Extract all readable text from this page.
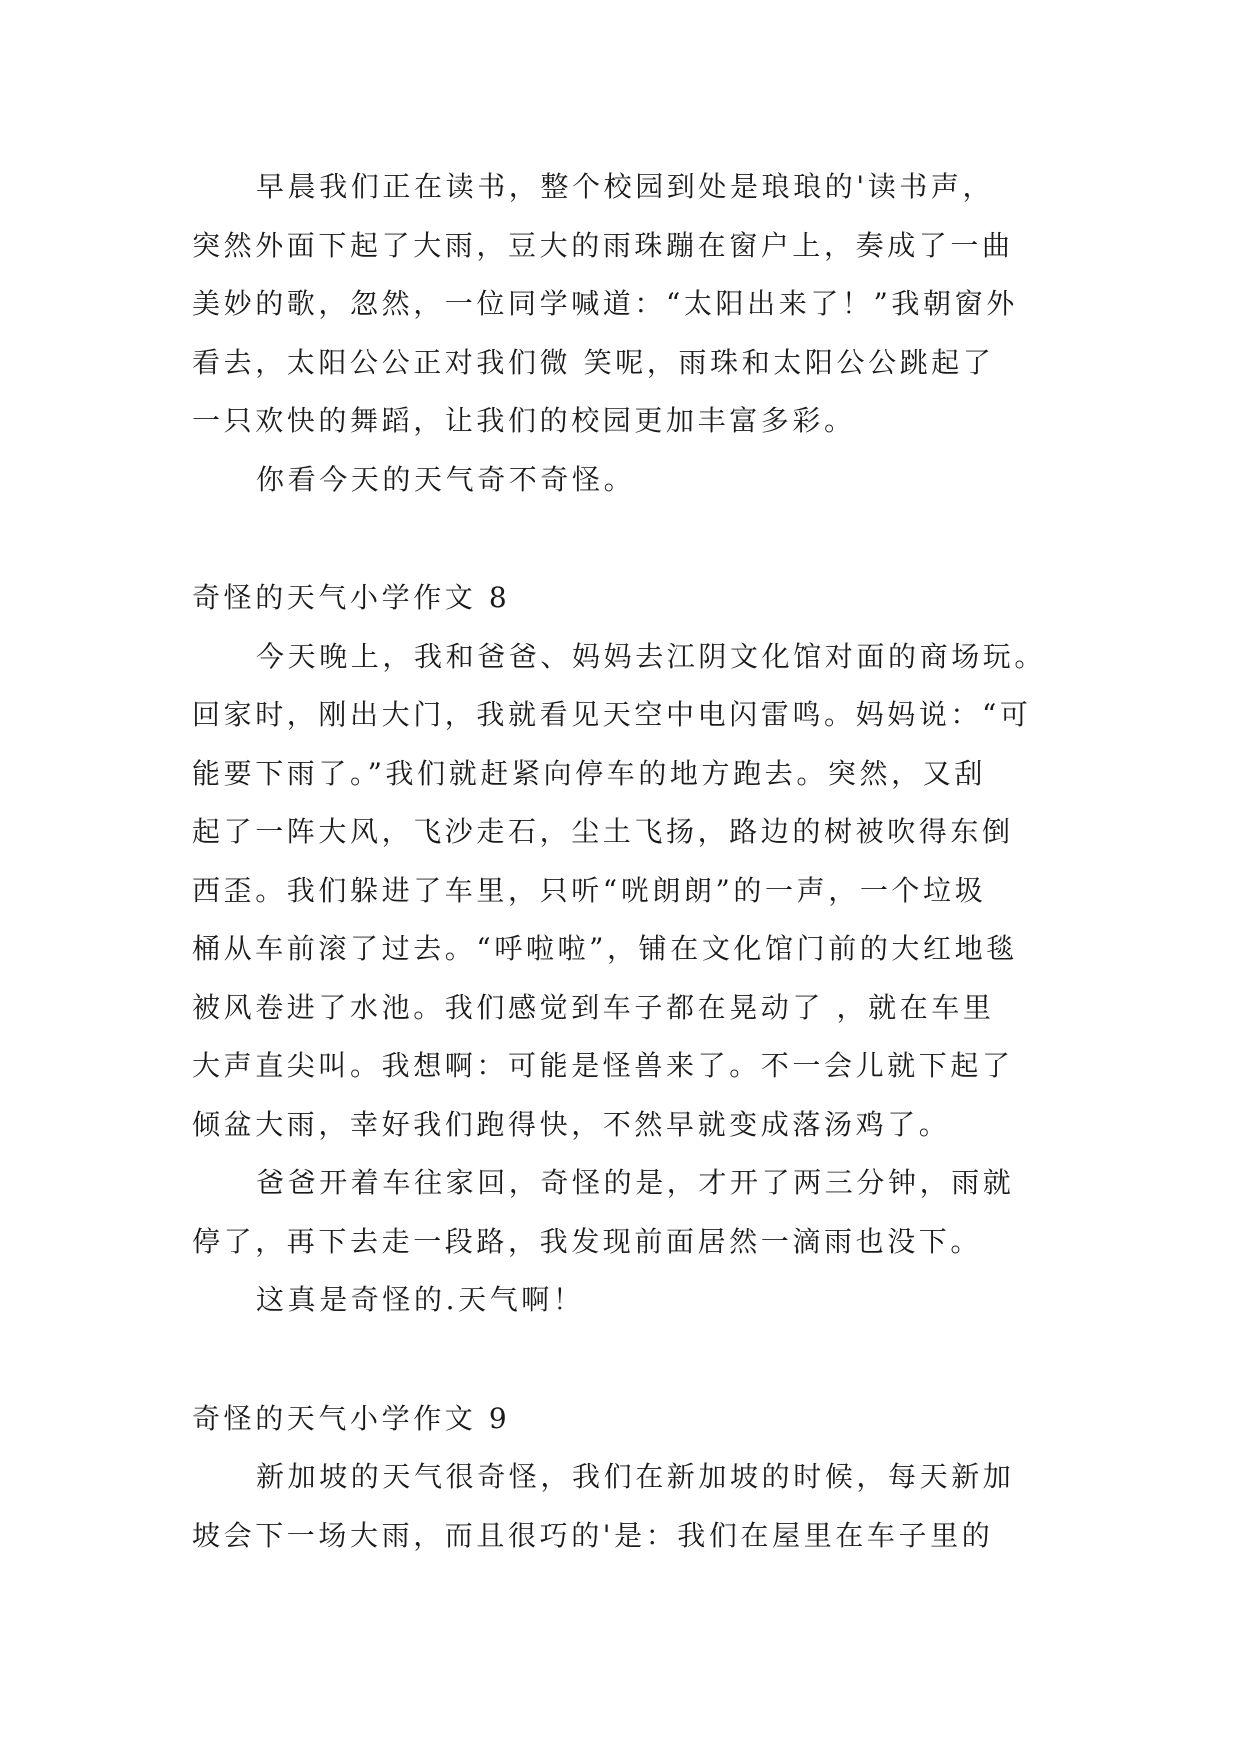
早晨我们正在读书，整个校园到处是琅琅的'读书声，
突然外面下起了大雨，豆大的雨珠蹦在窗户上，奏成了一曲
美妙的歌，忽然，一位同学喊道：“太阳出来了！”我朝窗外
看去，太阳公公正对我们微 笑呢，雨珠和太阳公公跳起了
一只欢快的舞蹈，让我们的校园更加丰富多彩。

你看今天的天气奇不奇怪。

奇怪的天气小学作文 8

今天晚上，我和爸爸、妈妈去江阴文化馆对面的商场玩。
回家时，刚出大门，我就看见天空中电闪雷鸣。妈妈说：“可
能要下雨了。”我们就赶紧向停车的地方跑去。突然，又刮
起了一阵大风，飞沙走石，尘土飞扬，路边的树被吹得东倒
西歪。我们躲进了车里，只听“咣朗朗”的一声，一个垃圾
桶从车前滚了过去。“呼啦啦”，铺在文化馆门前的大红地毯
被风卷进了水池。我们感觉到车子都在晃动了 ，就在车里
大声直尖叫。我想啊：可能是怪兽来了。不一会儿就下起了
倾盆大雨，幸好我们跑得快，不然早就变成落汤鸡了。

爸爸开着车往家回，奇怪的是，才开了两三分钟，雨就
停了，再下去走一段路，我发现前面居然一滴雨也没下。

这真是奇怪的.天气啊！

奇怪的天气小学作文 9

新加坡的天气很奇怪，我们在新加坡的时候，每天新加
坡会下一场大雨，而且很巧的'是：我们在屋里在车子里的
